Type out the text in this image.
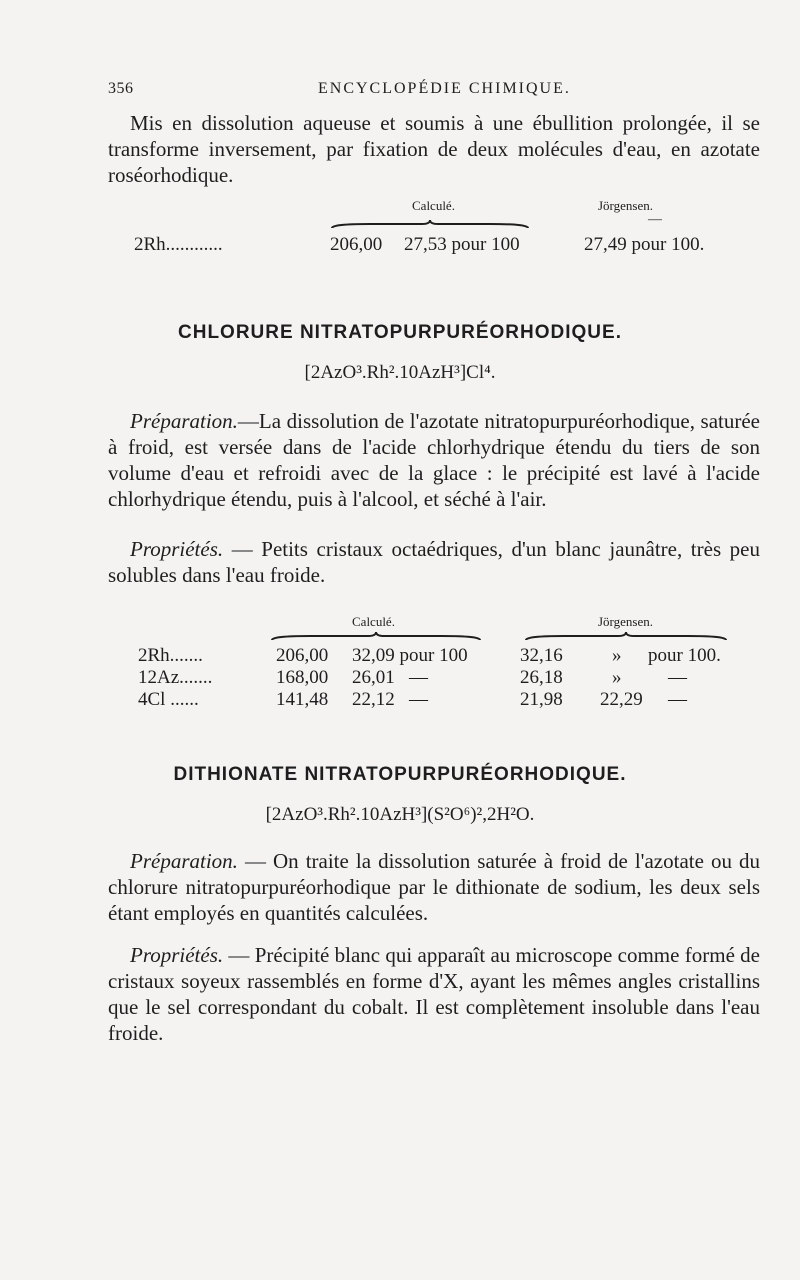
356	ENCYCLOPÉDIE CHIMIQUE.
Mis en dissolution aqueuse et soumis à une ébullition prolongée, il se transforme inversement, par fixation de deux molécules d'eau, en azotate roséorhodique.
Calculé.	Jörgensen.
—
2Rh............	206,00 27,53 pour 100	27,49 pour 100.
CHLORURE NITRATOPURPURÉORHODIQUE.
[2AzO³.Rh².10AzH³]Cl⁴.
Préparation.—La dissolution de l'azotate nitratopurpuréorhodique, saturée à froid, est versée dans de l'acide chlorhydrique étendu du tiers de son volume d'eau et refroidi avec de la glace : le précipité est lavé à l'acide chlorhydrique étendu, puis à l'alcool, et séché à l'air.
Propriétés. — Petits cristaux octaédriques, d'un blanc jaunâtre, très peu solubles dans l'eau froide.
Calculé.	Jörgensen.
2Rh.......	206,00 32,09 pour 100	32,16	» pour 100.
12Az.......	168,00 26,01   —	26,18	» —
4Cl ......	141,48 22,12   —	21,98 22,29 —
DITHIONATE NITRATOPURPURÉORHODIQUE.
[2AzO³.Rh².10AzH³](S²O⁶)²,2H²O.
Préparation. — On traite la dissolution saturée à froid de l'azotate ou du chlorure nitratopurpuréorhodique par le dithionate de sodium, les deux sels étant employés en quantités calculées.
Propriétés. — Précipité blanc qui apparaît au microscope comme formé de cristaux soyeux rassemblés en forme d'X, ayant les mêmes angles cristallins que le sel correspondant du cobalt. Il est complètement insoluble dans l'eau froide.
